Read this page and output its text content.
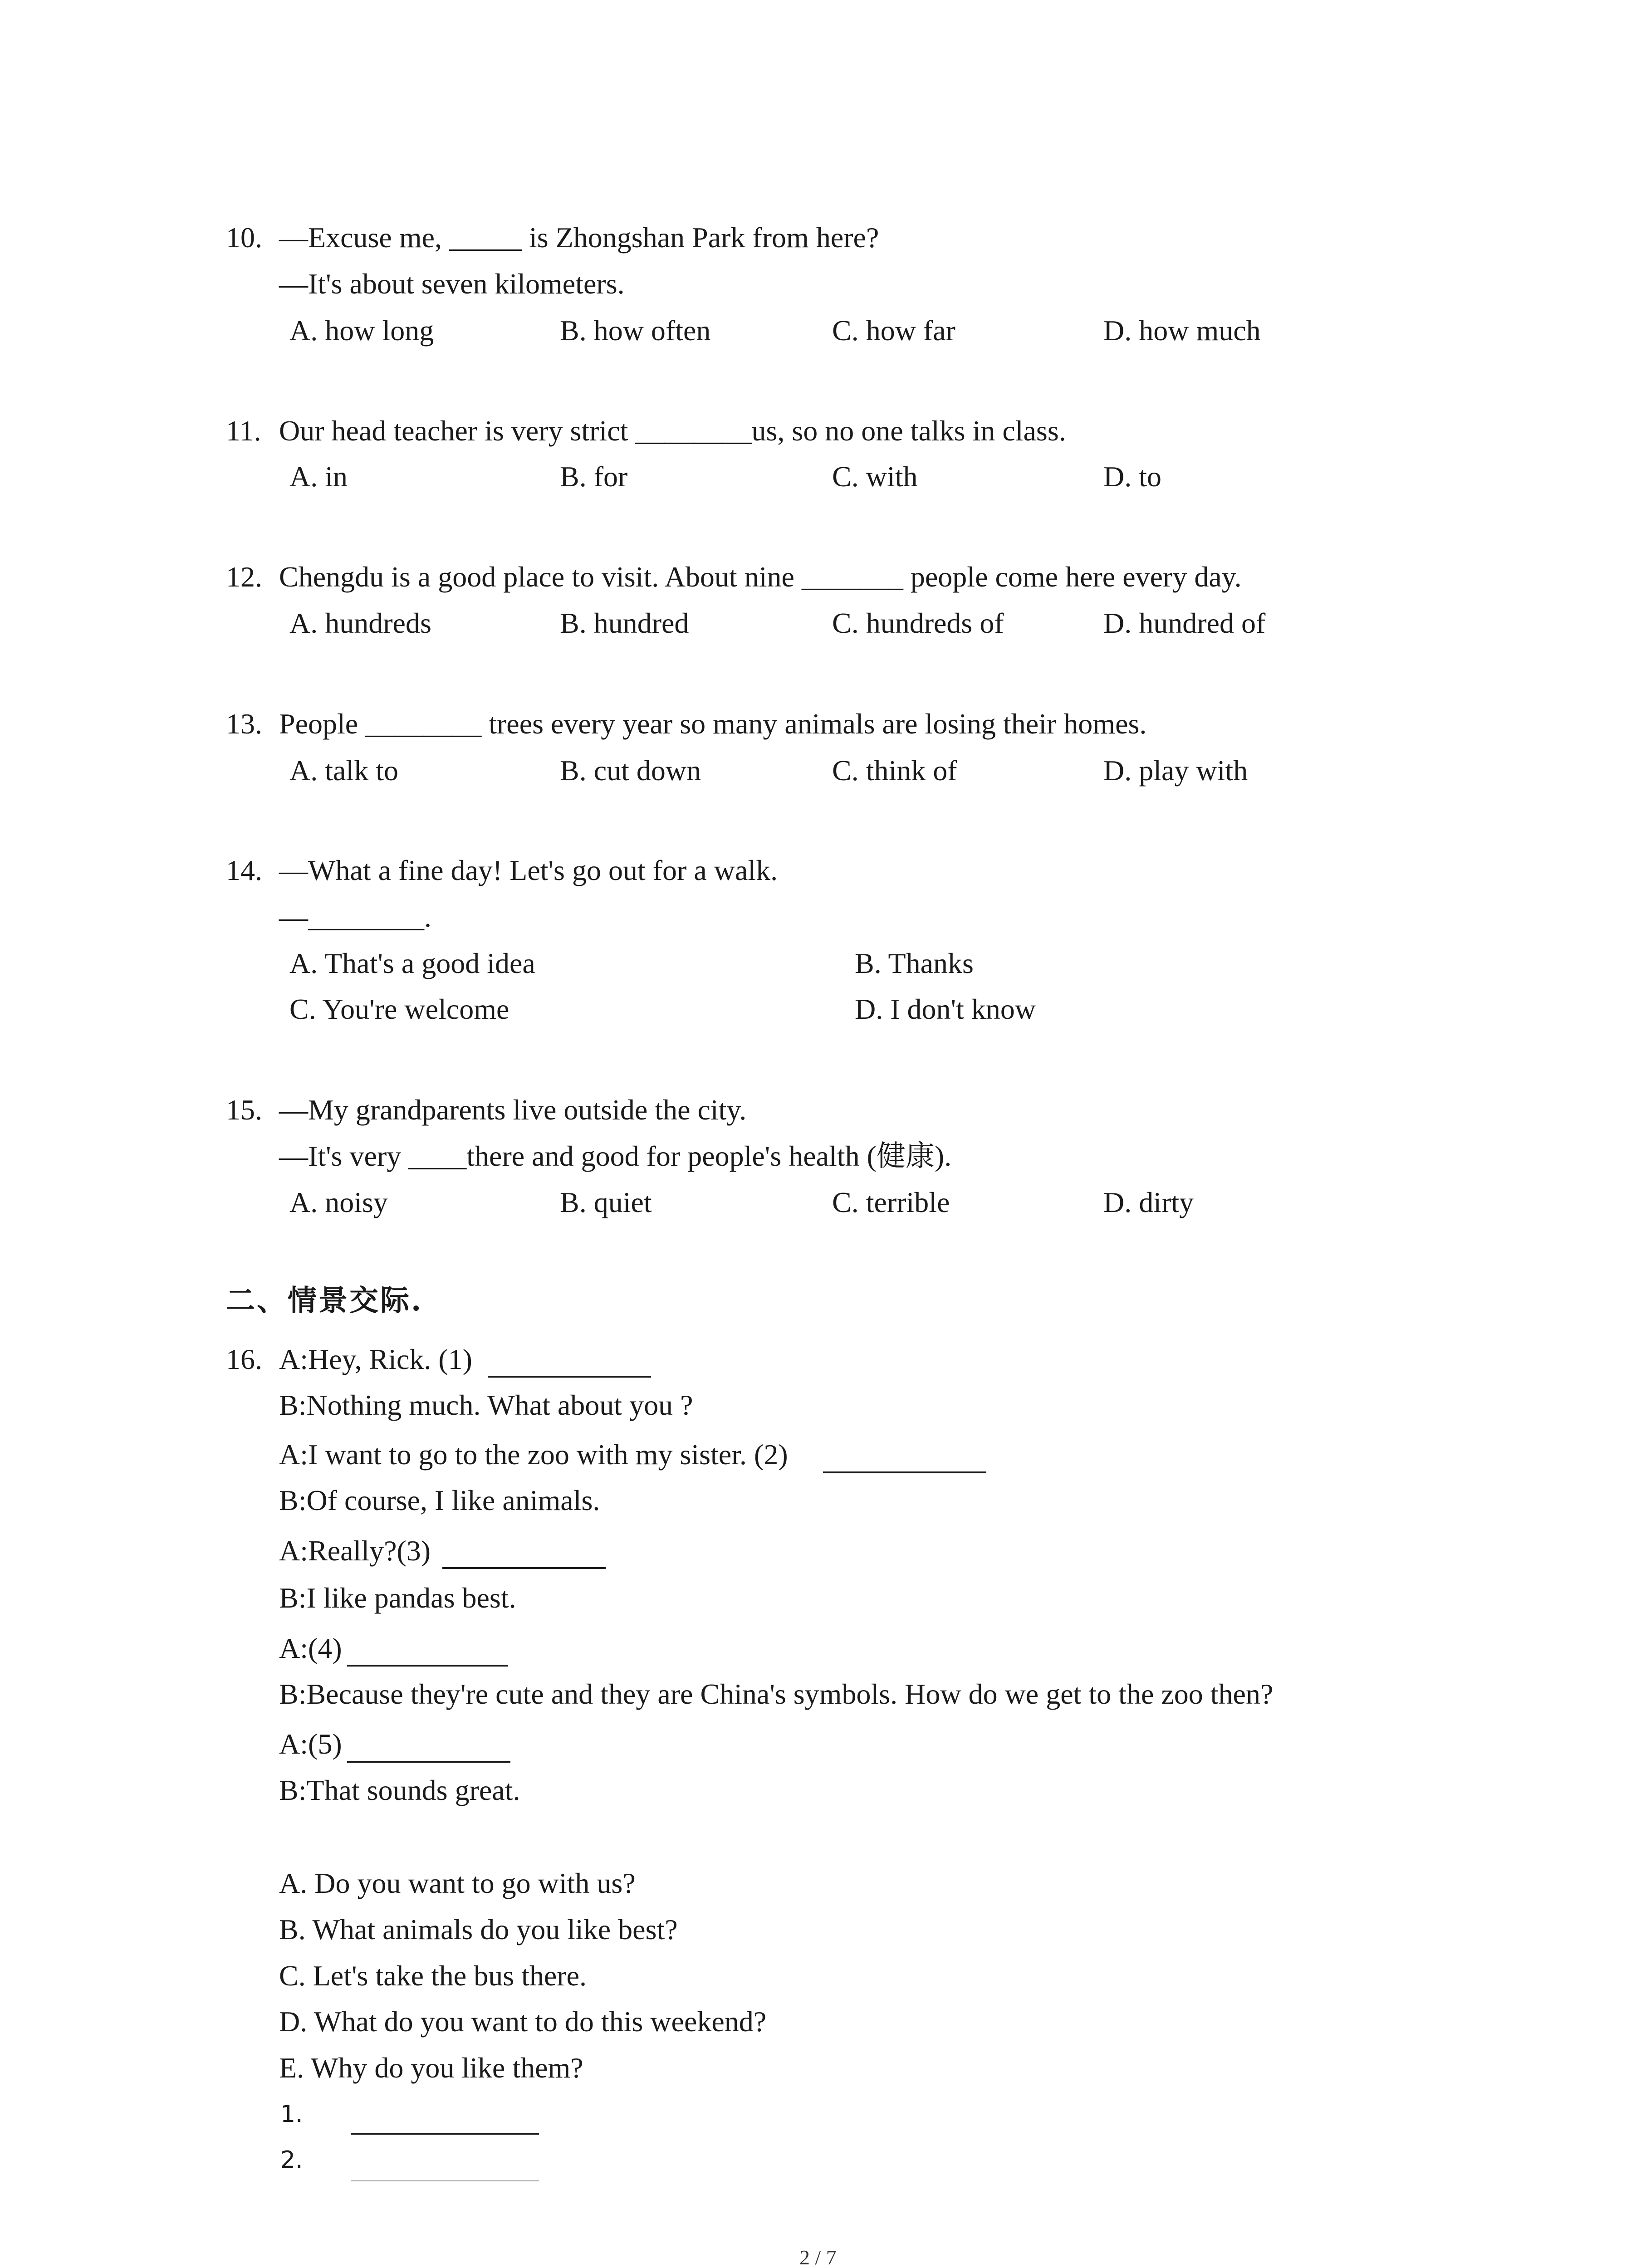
10. —Excuse me, _____ is Zhongshan Park from here?
—It's about seven kilometers.
A. how long	B. how often	C. how far	D. how much
11. Our head teacher is very strict ________us, so no one talks in class.
A. in	B. for	C. with	D. to
12. Chengdu is a good place to visit. About nine _______ people come here every day.
A. hundreds	B. hundred	C. hundreds of	D. hundred of
13. People ________ trees every year so many animals are losing their homes.
A. talk to	B. cut down	C. think of	D. play with
14. —What a fine day! Let's go out for a walk.
—________.
A. That's a good idea	B. Thanks
C. You're welcome	D. I don't know
15. —My grandparents live outside the city.
—It's very ____there and good for people's health (健康).
A. noisy	B. quiet	C. terrible	D. dirty
二、情景交际.
16. A:Hey, Rick. (1)
B:Nothing much. What about you ?
A:I want to go to the zoo with my sister. (2)
B:Of course, I like animals.
A:Really?(3)
B:I like pandas best.
A:(4)
B:Because they're cute and they are China's symbols. How do we get to the zoo then?
A:(5)
B:That sounds great.
A. Do you want to go with us?
B. What animals do you like best?
C. Let's take the bus there.
D. What do you want to do this weekend?
E. Why do you like them?
1.
2.
2 / 7
